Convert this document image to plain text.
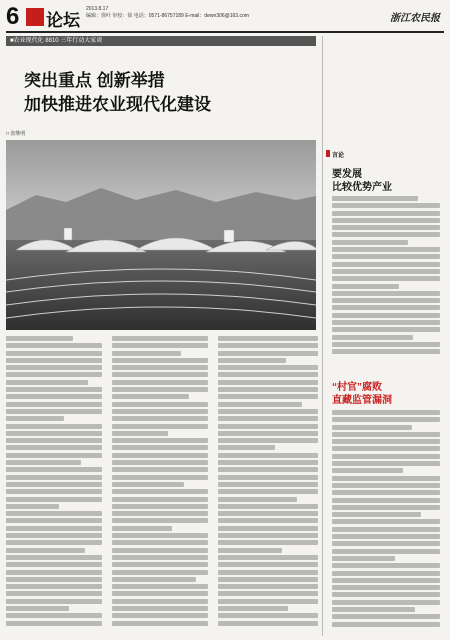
6 论坛
2013.8.17
编辑：徐叶 审校：徐 电话：0571-86757189 E-mail：dewn306@163.com	浙江农民报
■农业现代化 8810 三年行动大家谈
突出重点 创新举措
加快推进农业现代化建设
□ 张继明
言论
要发展
比较优势产业
“村官”腐败
直藏监管漏洞
